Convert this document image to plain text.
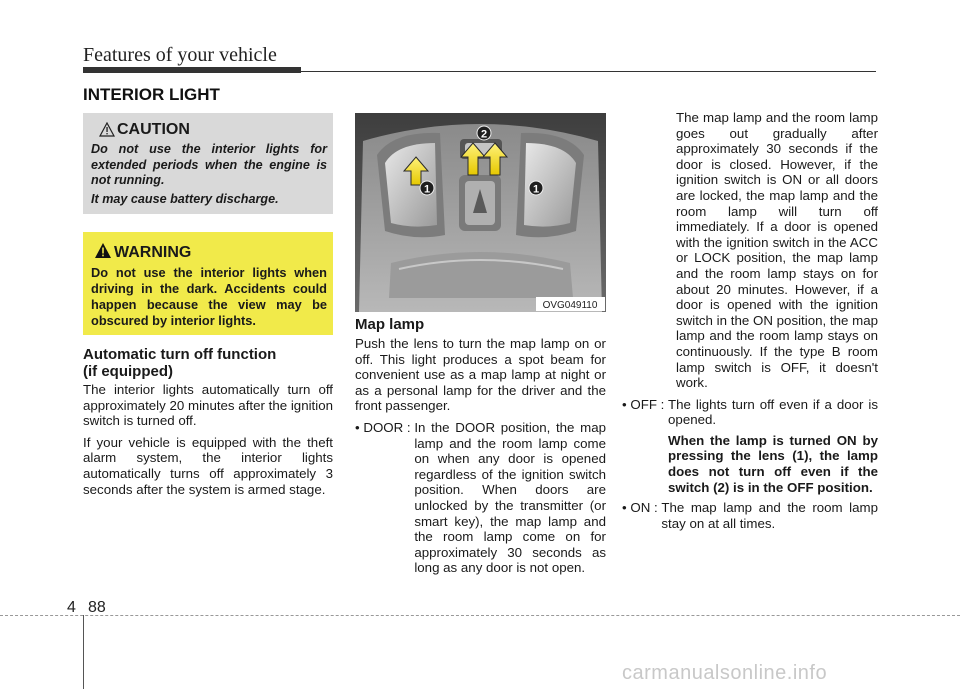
Features of your vehicle
INTERIOR LIGHT
CAUTION

Do not use the interior lights for extended periods when the engine is not running.

It may cause battery discharge.

WARNING
Do not use the interior lights when driving in the dark. Accidents could happen because the view may be obscured by interior lights.
Automatic turn off function
(if equipped)

The interior lights automatically turn off approximately 20 minutes after the ignition switch is turned off.

If your vehicle is equipped with the theft alarm system, the interior lights automatically turns off approximately 3 seconds after the system is armed stage.

1	1
2
OVG049110
Map lamp

Push the lens to turn the map lamp on or off. This light produces a spot beam for convenient use as a map lamp at night or as a personal lamp for the driver and the front passenger.

• DOOR : In the DOOR position, the map lamp and the room lamp come on when any door is opened regardless of the ignition switch position. When doors are unlocked by the transmitter (or smart key), the map lamp and the room lamp come on for approximately 30 seconds as long as any door is not open.

The map lamp and the room lamp goes out gradually after approximately 30 seconds if the door is closed. However, if the ignition switch is ON or all doors are locked, the map lamp and the room lamp will turn off immediately. If a door is opened with the ignition switch in the ACC or LOCK position, the map lamp and the room lamp stays on for about 20 minutes. However, if a door is opened with the ignition switch in the ON position, the map lamp and the room lamp stays on continuously. If the type B room lamp switch is OFF, it doesn't work.

• OFF : The lights turn off even if a door is opened.
When the lamp is turned ON by pressing the lens (1), the lamp does not turn off even if the switch (2) is in the OFF position.
• ON : The map lamp and the room lamp stay on at all times.
4 88
carmanualsonline.info
